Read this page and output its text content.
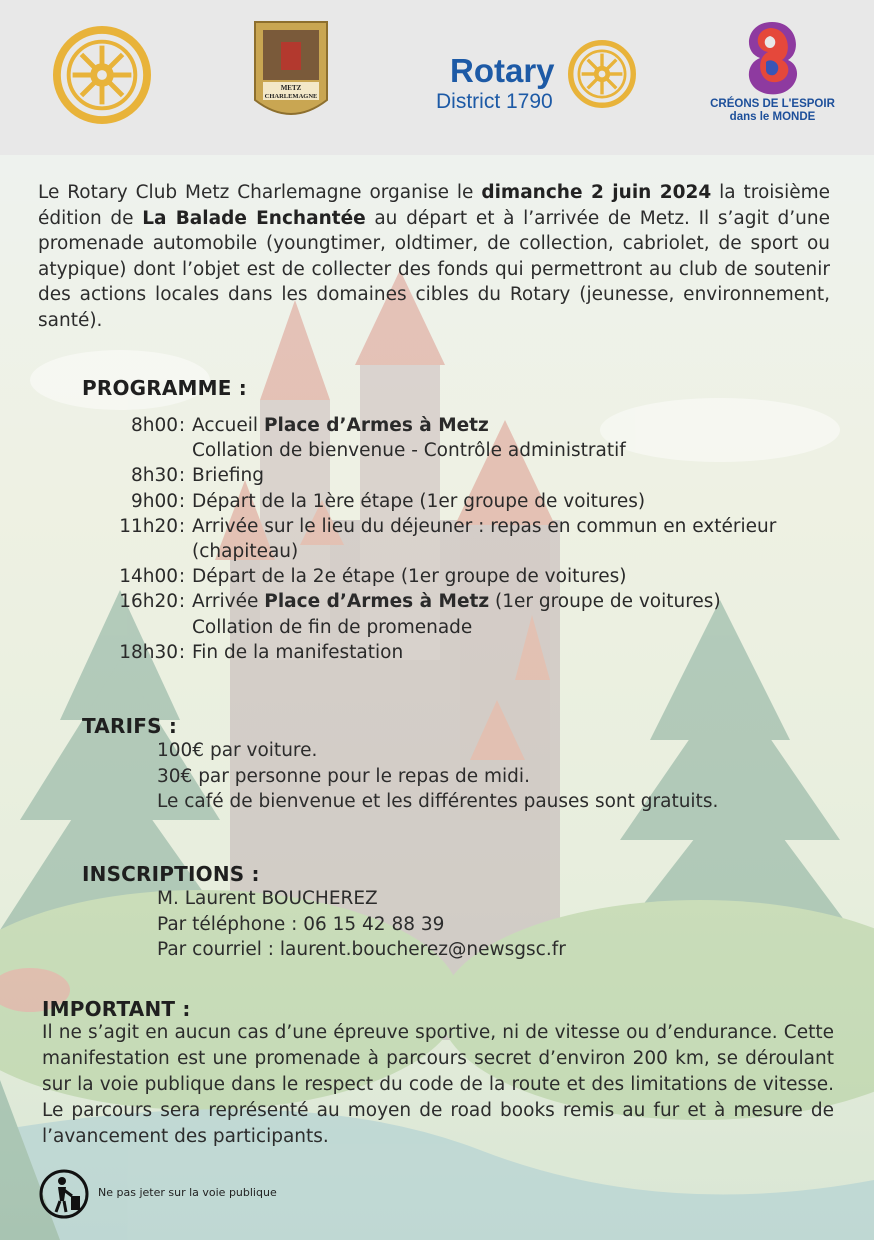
METZ
CHARLEMAGNE
Rotary
District 1790	CRÉONS DE L'ESPOIR
dans le MONDE
Le Rotary Club Metz Charlemagne organise le dimanche 2 juin 2024 la troisième édition de La Balade Enchantée au départ et à l’arrivée de Metz. Il s’agit d’une promenade automobile (youngtimer, oldtimer, de collection, cabriolet, de sport ou atypique) dont l’objet est de collecter des fonds qui permettront au club de soutenir des actions locales dans les domaines cibles du Rotary (jeunesse, environnement, santé).
PROGRAMME :
8h00 : Accueil Place d’Armes à Metz
Collation de bienvenue - Contrôle administratif
8h30 : Briefing
9h00 : Départ de la 1ère étape (1er groupe de voitures)
11h20 : Arrivée sur le lieu du déjeuner : repas en commun en extérieur (chapiteau)
14h00 : Départ de la 2e étape (1er groupe de voitures)
16h20 : Arrivée Place d’Armes à Metz (1er groupe de voitures)
Collation de fin de promenade
18h30 : Fin de la manifestation
TARIFS :
100€ par voiture.
30€ par personne pour le repas de midi.
Le café de bienvenue et les différentes pauses sont gratuits.
INSCRIPTIONS :
M. Laurent BOUCHEREZ
Par téléphone : 06 15 42 88 39
Par courriel : laurent.boucherez@newsgsc.fr
IMPORTANT :
Il ne s’agit en aucun cas d’une épreuve sportive, ni de vitesse ou d’endurance. Cette manifestation est une promenade à parcours secret d’environ 200 km, se déroulant sur la voie publique dans le respect du code de la route et des limitations de vitesse. Le parcours sera représenté au moyen de road books remis au fur et à mesure de l’avancement des participants.
Ne pas jeter sur la voie publique
